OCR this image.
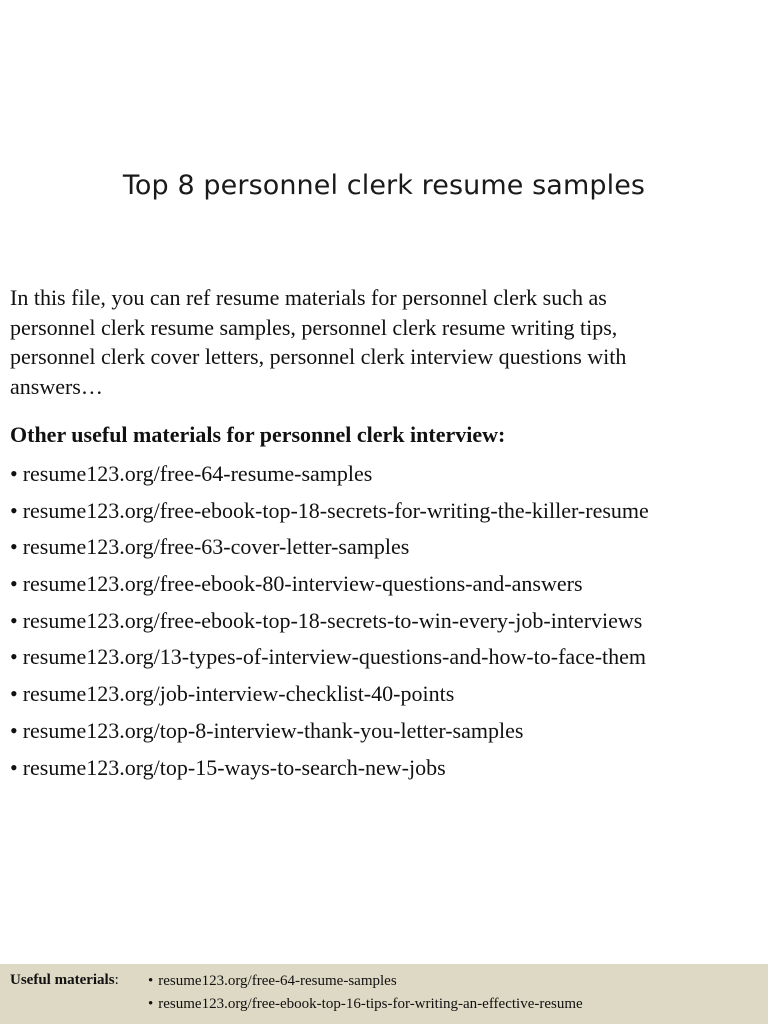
Top 8 personnel clerk resume samples
In this file, you can ref resume materials for personnel clerk such as
personnel clerk resume samples, personnel clerk resume writing tips,
personnel clerk cover letters, personnel clerk interview questions with
answers…
Other useful materials for personnel clerk interview:
• resume123.org/free-64-resume-samples
• resume123.org/free-ebook-top-18-secrets-for-writing-the-killer-resume
• resume123.org/free-63-cover-letter-samples
• resume123.org/free-ebook-80-interview-questions-and-answers
• resume123.org/free-ebook-top-18-secrets-to-win-every-job-interviews
• resume123.org/13-types-of-interview-questions-and-how-to-face-them
• resume123.org/job-interview-checklist-40-points
• resume123.org/top-8-interview-thank-you-letter-samples
• resume123.org/top-15-ways-to-search-new-jobs
Useful materials: • resume123.org/free-64-resume-samples
• resume123.org/free-ebook-top-16-tips-for-writing-an-effective-resume
